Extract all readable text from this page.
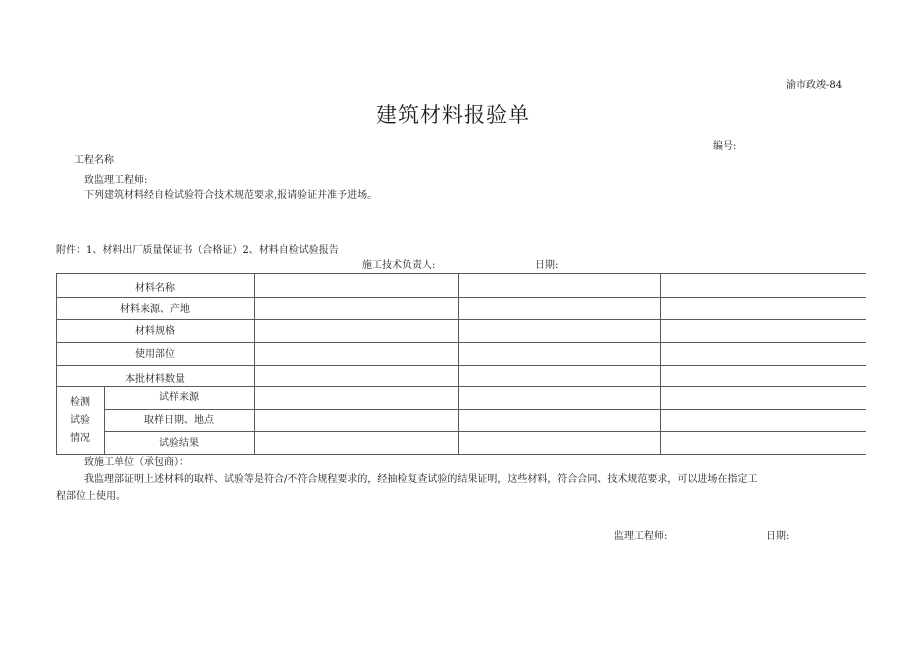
渝市政竣-84
建筑材料报验单
编号:
工程名称
致监理工程师:
下列建筑材料经自检试验符合技术规范要求,报请验证并准予进场。
附件：1、材料出厂质量保证书（合格证）2、材料自检试验报告
施工技术负责人:	日期:
材料名称
材料来源、产地
材料规格
使用部位
本批材料数量
检测
试验
情况
试样来源
取样日期、地点
试验结果
致施工单位（承包商）：
我监理部证明上述材料的取样、试验等是符合/不符合规程要求的，经抽检复查试验的结果证明，这些材料，符合合同、技术规范要求，可以进场在指定工
程部位上使用。
监理工程师:	日期:
